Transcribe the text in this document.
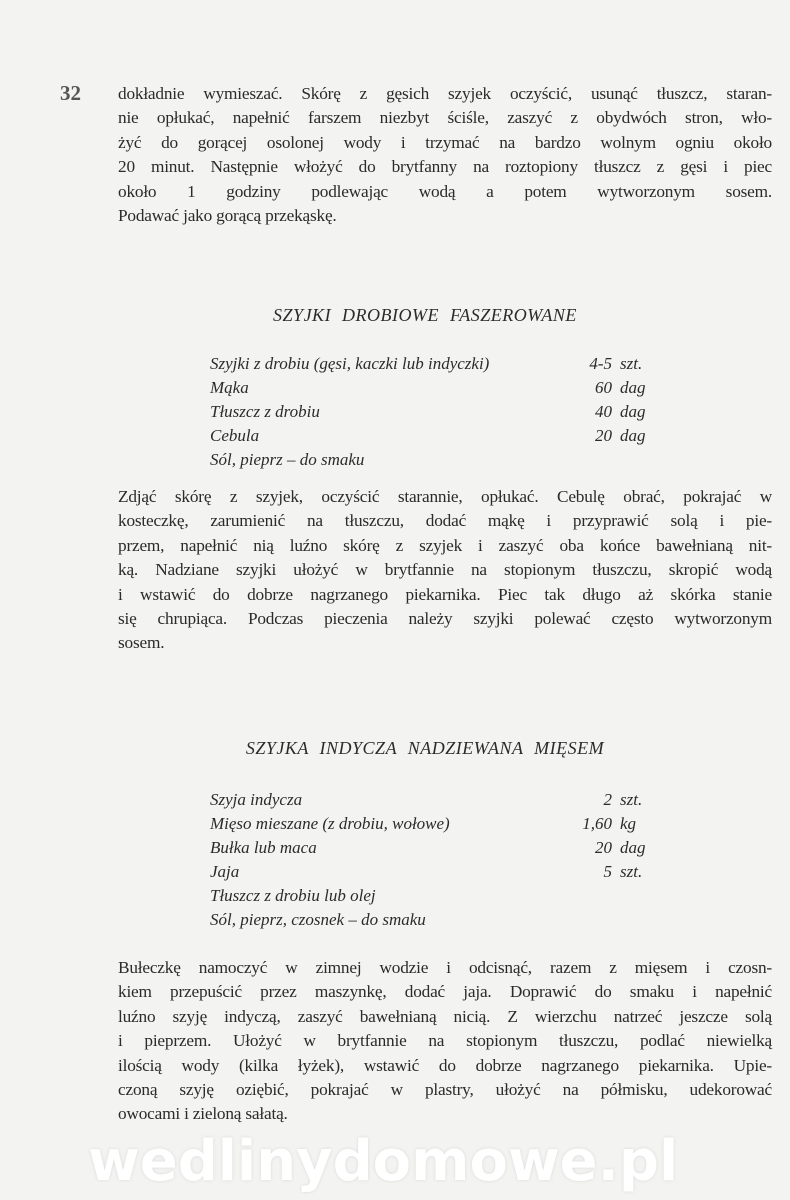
32 dokładnie wymieszać. Skórę z gęsich szyjek oczyścić, usunąć tłuszcz, staran-
nie opłukać, napełnić farszem niezbyt ściśle, zaszyć z obydwóch stron, wło-
żyć do gorącej osolonej wody i trzymać na bardzo wolnym ogniu około
20 minut. Następnie włożyć do brytfanny na roztopiony tłuszcz z gęsi i piec
około 1 godziny podlewając wodą a potem wytworzonym sosem.
Podawać jako gorącą przekąskę.
SZYJKI DROBIOWE FASZEROWANE
Szyjki z drobiu (gęsi, kaczki lub indyczki)	4-5 szt.
Mąka	60 dag
Tłuszcz z drobiu	40 dag
Cebula	20 dag
Sól, pieprz – do smaku
Zdjąć skórę z szyjek, oczyścić starannie, opłukać. Cebulę obrać, pokrajać w
kosteczkę, zarumienić na tłuszczu, dodać mąkę i przyprawić solą i pie-
przem, napełnić nią luźno skórę z szyjek i zaszyć oba końce bawełnianą nit-
ką. Nadziane szyjki ułożyć w brytfannie na stopionym tłuszczu, skropić wodą
i wstawić do dobrze nagrzanego piekarnika. Piec tak długo aż skórka stanie
się chrupiąca. Podczas pieczenia należy szyjki polewać często wytworzonym
sosem.
SZYJKA INDYCZA NADZIEWANA MIĘSEM
Szyja indycza	2 szt.
Mięso mieszane (z drobiu, wołowe)	1,60 kg
Bułka lub maca	20 dag
Jaja	5 szt.
Tłuszcz z drobiu lub olej
Sól, pieprz, czosnek – do smaku
Bułeczkę namoczyć w zimnej wodzie i odcisnąć, razem z mięsem i czosn-
kiem przepuścić przez maszynkę, dodać jaja. Doprawić do smaku i napełnić
luźno szyję indyczą, zaszyć bawełnianą nicią. Z wierzchu natrzeć jeszcze solą
i pieprzem. Ułożyć w brytfannie na stopionym tłuszczu, podlać niewielką
ilością wody (kilka łyżek), wstawić do dobrze nagrzanego piekarnika. Upie-
czoną szyję oziębić, pokrajać w plastry, ułożyć na półmisku, udekorować
owocami i zieloną sałatą.
wedlinydomowe.pl
